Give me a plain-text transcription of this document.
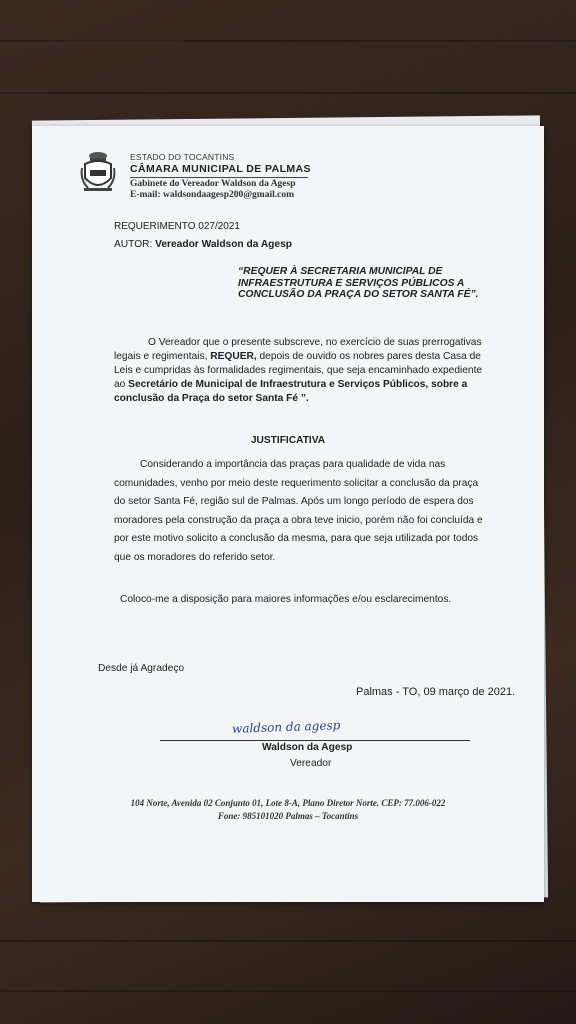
ESTADO DO TOCANTINS
CÂMARA MUNICIPAL DE PALMAS
Gabinete do Vereador Waldson da Agesp
E-mail: waldsondaagesp200@gmail.com
REQUERIMENTO 027/2021
AUTOR: Vereador Waldson da Agesp
“REQUER À SECRETARIA MUNICIPAL DE
INFRAESTRUTURA E SERVIÇOS PÚBLICOS A
CONCLUSÃO DA PRAÇA DO SETOR SANTA FÉ”.
O Vereador que o presente subscreve, no exercício de suas prerrogativas
legais e regimentais, REQUER, depois de ouvido os nobres pares desta Casa de
Leis e cumpridas às formalidades regimentais, que seja encaminhado expediente
ao Secretário de Municipal de Infraestrutura e Serviços Públicos, sobre a
conclusão da Praça do setor Santa Fé ”.
JUSTIFICATIVA
Considerando a importância das praças para qualidade de vida nas
comunidades, venho por meio deste requerimento solicitar a conclusão da praça
do setor Santa Fé, região sul de Palmas. Após um longo período de espera dos
moradores pela construção da praça a obra teve inicio, porém não foi concluída e
por este motivo solicito a conclusão da mesma, para que seja utilizada por todos
que os moradores do referido setor.
Coloco-me a disposição para maiores informações e/ou esclarecimentos.
Desde já Agradeço
Palmas - TO, 09 março de 2021.
waldson da agesp
Waldson da Agesp
Vereador
104 Norte, Avenida 02 Conjunto 01, Lote 8-A, Plano Diretor Norte. CEP: 77.006-022
Fone: 985101020 Palmas – Tocantins
